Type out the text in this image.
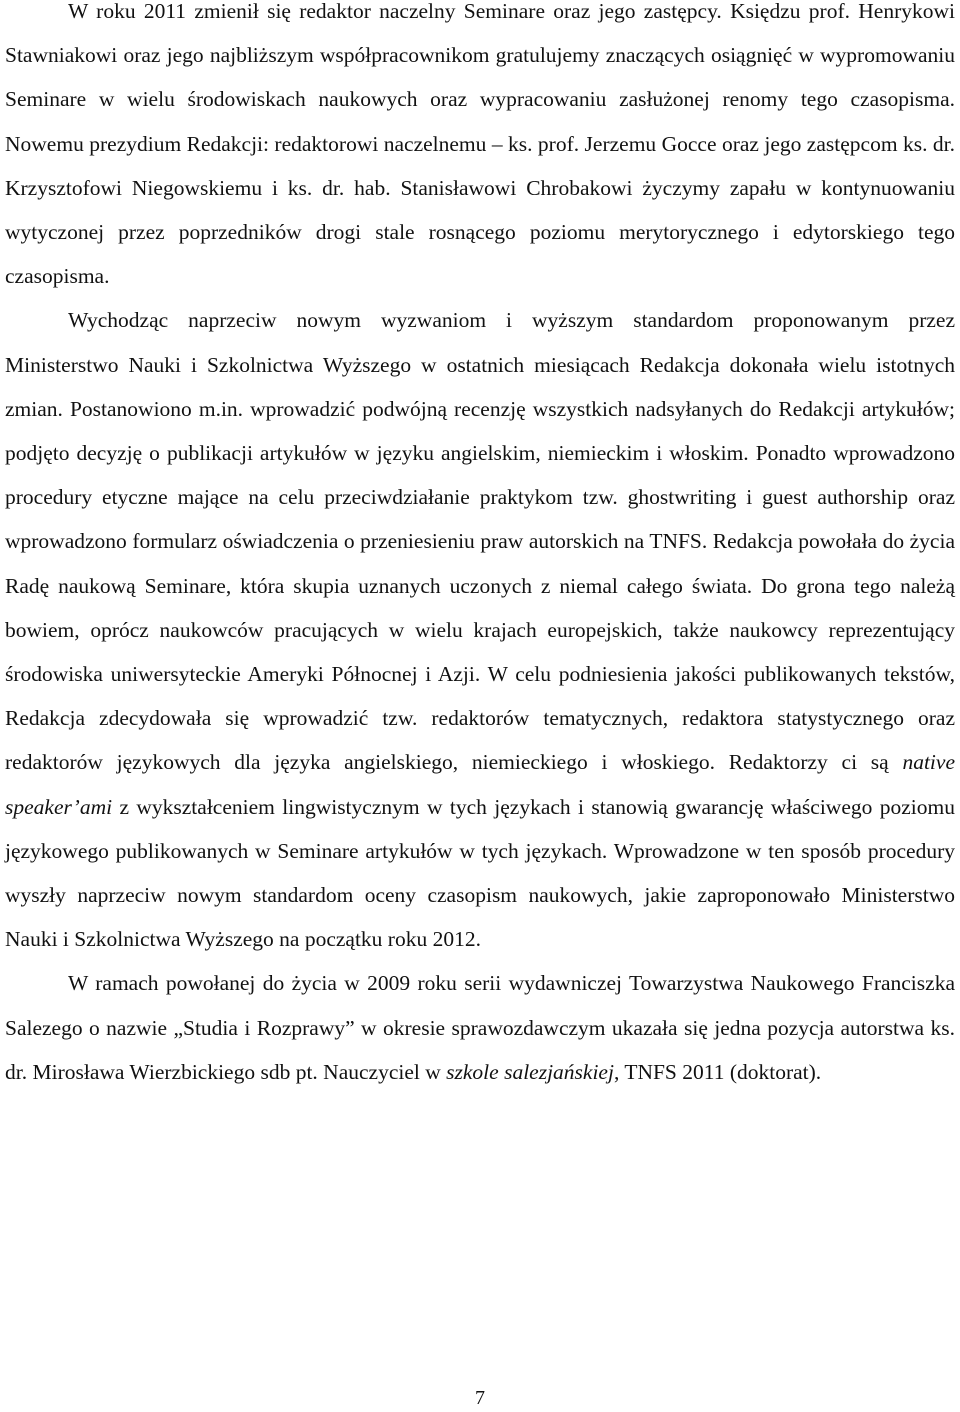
W roku 2011 zmienił się redaktor naczelny Seminare oraz jego zastępcy. Księdzu prof. Henrykowi Stawniakowi oraz jego najbliższym współpracownikom gratulujemy znaczących osiągnięć w wypromowaniu Seminare w wielu środowiskach naukowych oraz wypracowaniu zasłużonej renomy tego czasopisma. Nowemu prezydium Redakcji: redaktorowi naczelnemu – ks. prof. Jerzemu Gocce oraz jego zastępcom ks. dr. Krzysztofowi Niegowskiemu i ks. dr. hab. Stanisławowi Chrobakowi życzymy zapału w kontynuowaniu wytyczonej przez poprzedników drogi stale rosnącego poziomu merytorycznego i edytorskiego tego czasopisma.

Wychodząc naprzeciw nowym wyzwaniom i wyższym standardom proponowanym przez Ministerstwo Nauki i Szkolnictwa Wyższego w ostatnich miesiącach Redakcja dokonała wielu istotnych zmian. Postanowiono m.in. wprowadzić podwójną recenzję wszystkich nadsyłanych do Redakcji artykułów; podjęto decyzję o publikacji artykułów w języku angielskim, niemieckim i włoskim. Ponadto wprowadzono procedury etyczne mające na celu przeciwdziałanie praktykom tzw. ghostwriting i guest authorship oraz wprowadzono formularz oświadczenia o przeniesieniu praw autorskich na TNFS. Redakcja powołała do życia Radę naukową Seminare, która skupia uznanych uczonych z niemal całego świata. Do grona tego należą bowiem, oprócz naukowców pracujących w wielu krajach europejskich, także naukowcy reprezentujący środowiska uniwersyteckie Ameryki Północnej i Azji. W celu podniesienia jakości publikowanych tekstów, Redakcja zdecydowała się wprowadzić tzw. redaktorów tematycznych, redaktora statystycznego oraz redaktorów językowych dla języka angielskiego, niemieckiego i włoskiego. Redaktorzy ci są native speaker’ami z wykształceniem lingwistycznym w tych językach i stanowią gwarancję właściwego poziomu językowego publikowanych w Seminare artykułów w tych językach. Wprowadzone w ten sposób procedury wyszły naprzeciw nowym standardom oceny czasopism naukowych, jakie zaproponowało Ministerstwo Nauki i Szkolnictwa Wyższego na początku roku 2012.

W ramach powołanej do życia w 2009 roku serii wydawniczej Towarzystwa Naukowego Franciszka Salezego o nazwie „Studia i Rozprawy” w okresie sprawozdawczym ukazała się jedna pozycja autorstwa ks. dr. Mirosława Wierzbickiego sdb pt. Nauczyciel w szkole salezjańskiej, TNFS 2011 (doktorat).

7
